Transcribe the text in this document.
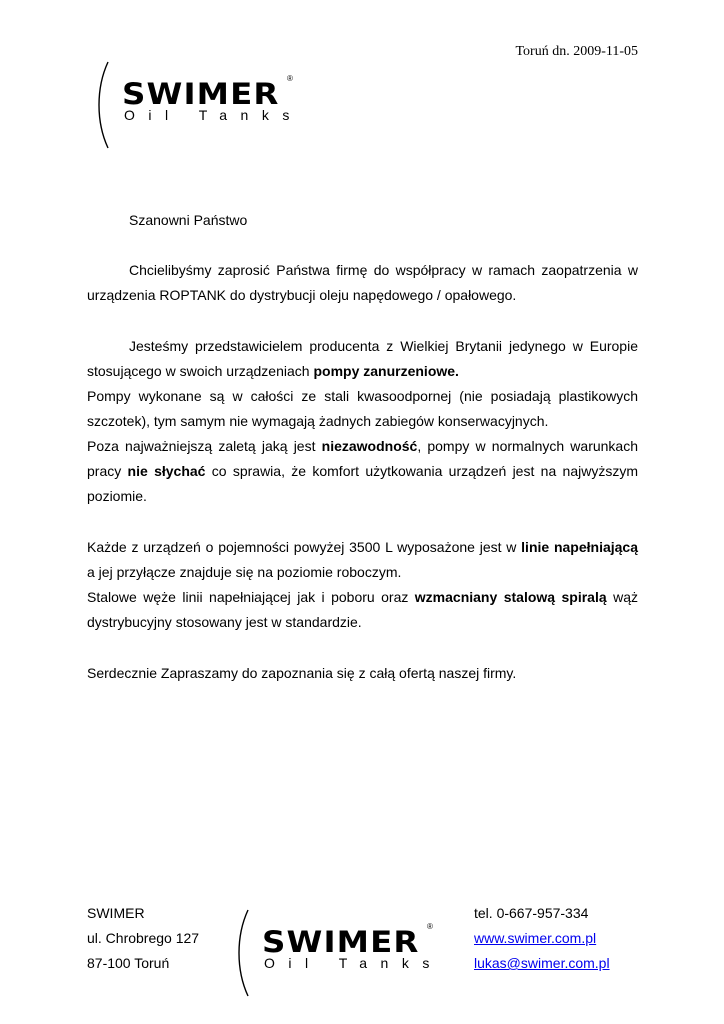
Toruń dn. 2009-11-05
SWIMER ®
Oil Tanks

Szanowni Państwo

Chcielibyśmy zaprosić Państwa firmę do współpracy w ramach zaopatrzenia w urządzenia ROPTANK do dystrybucji oleju napędowego / opałowego.

Jesteśmy przedstawicielem producenta z Wielkiej Brytanii jedynego w Europie stosującego w swoich urządzeniach pompy zanurzeniowe.

Pompy wykonane są w całości ze stali kwasoodpornej (nie posiadają plastikowych szczotek), tym samym nie wymagają żadnych zabiegów konserwacyjnych.

Poza najważniejszą zaletą jaką jest niezawodność, pompy w normalnych warunkach pracy nie słychać co sprawia, że komfort użytkowania urządzeń jest na najwyższym poziomie.

Każde z urządzeń o pojemności powyżej 3500 L wyposażone jest w linie napełniającą a jej przyłącze znajduje się na poziomie roboczym.

Stalowe węże linii napełniającej jak i poboru oraz wzmacniany stalową spiralą wąż dystrybucyjny stosowany jest w standardzie.

Serdecznie Zapraszamy do zapoznania się z całą ofertą naszej firmy.

SWIMER
ul. Chrobrego 127
87-100 Toruń
SWIMER ®
Oil Tanks
tel. 0-667-957-334
www.swimer.com.pl
lukas@swimer.com.pl
